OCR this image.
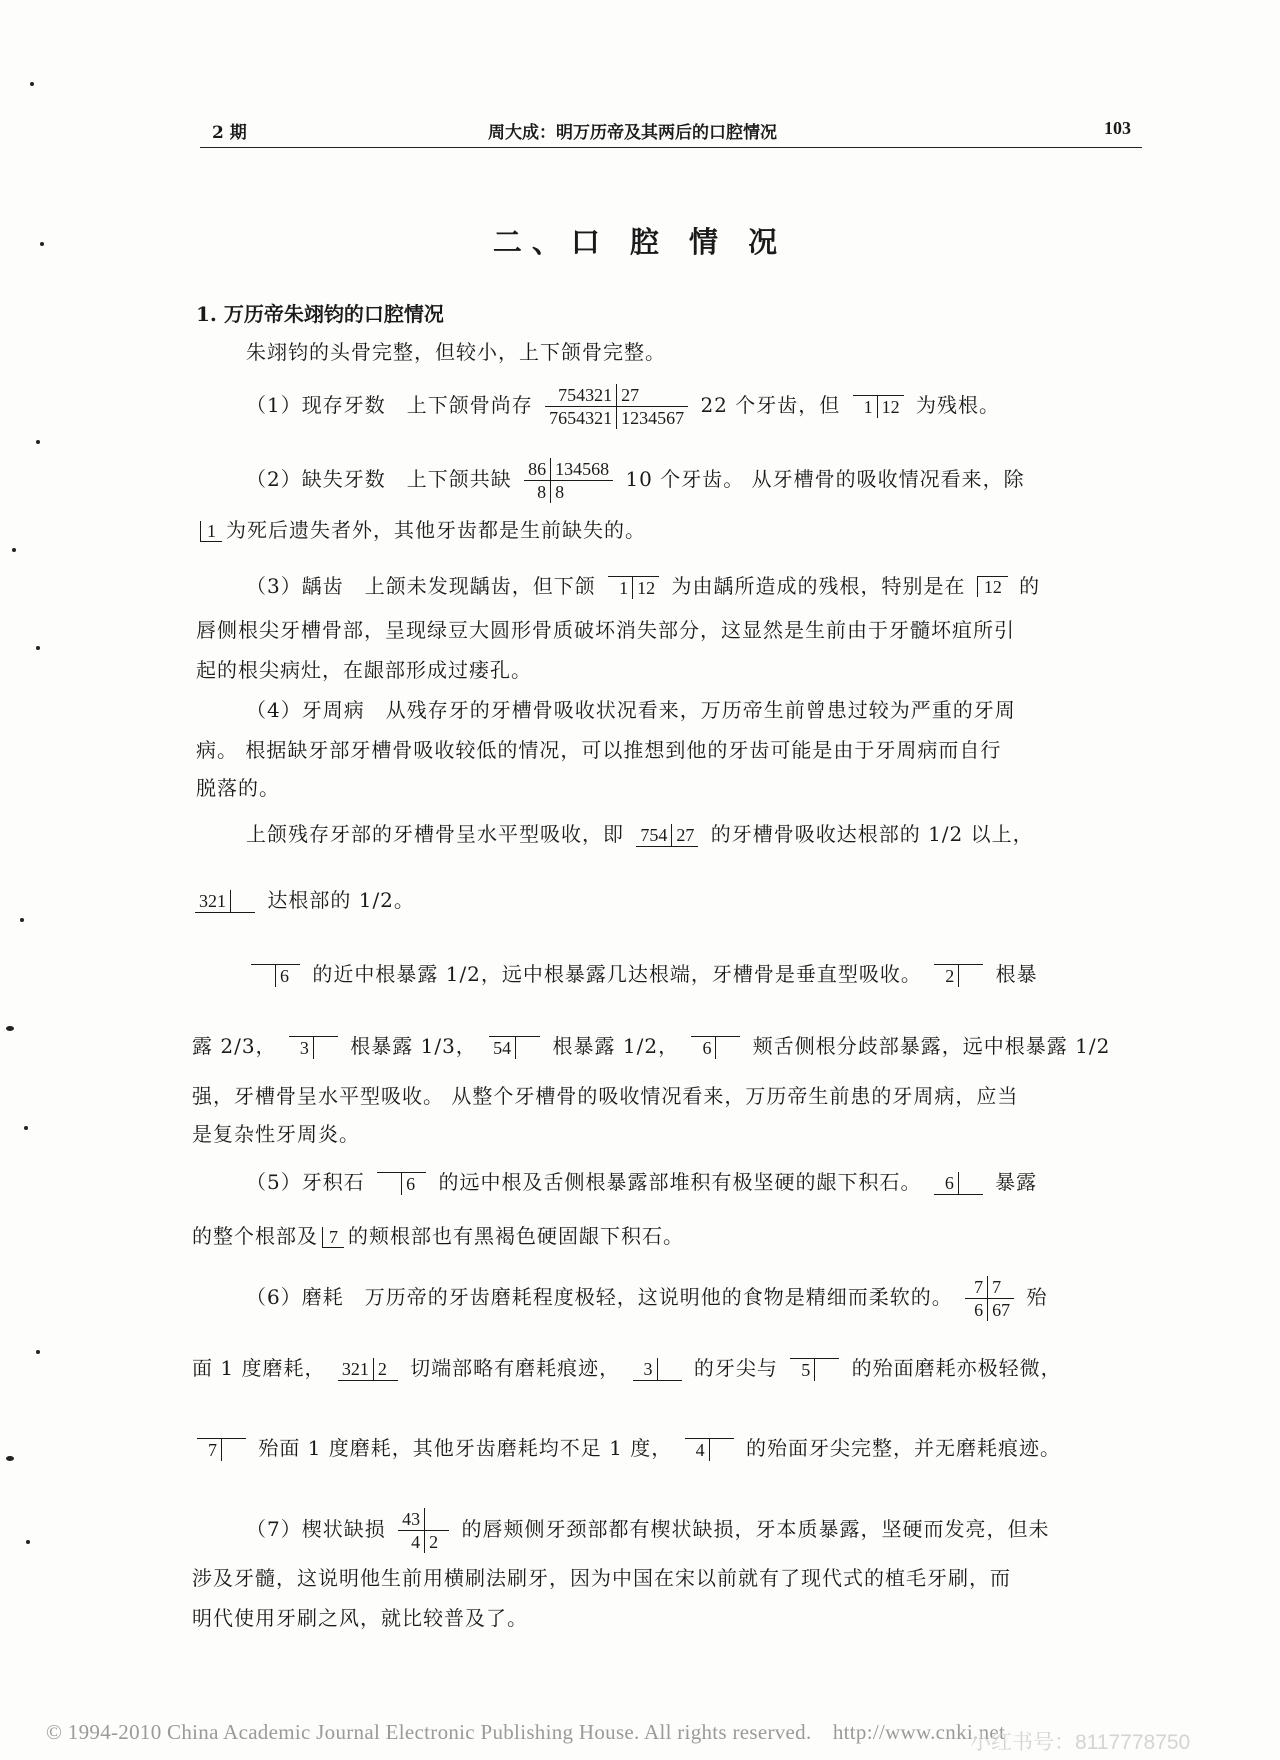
2 期	周大成：明万历帝及其两后的口腔情况	103
二、口 腔 情 况
1. 万历帝朱翊钧的口腔情况
朱翊钧的头骨完整，但较小，上下颌骨完整。
（1）现存牙数　上下颌骨尚存	754321 27
7654321 1234567
22 个牙齿，但	1 12 为残根。
（2）缺失牙数　上下颌共缺 86 134568
8 8
10 个牙齿。 从牙槽骨的吸收情况看来，除
1 为死后遗失者外，其他牙齿都是生前缺失的。
（3）龋齿　上颌未发现龋齿，但下颌	1 12 为由龋所造成的残根，特别是在 12 的
唇侧根尖牙槽骨部，呈现绿豆大圆形骨质破坏消失部分，这显然是生前由于牙髓坏疽所引
起的根尖病灶，在龈部形成过瘘孔。
（4）牙周病　从残存牙的牙槽骨吸收状况看来，万历帝生前曾患过较为严重的牙周
病。 根据缺牙部牙槽骨吸收较低的情况，可以推想到他的牙齿可能是由于牙周病而自行
脱落的。
上颌残存牙部的牙槽骨呈水平型吸收，即 754 27 的牙槽骨吸收达根部的 1/2 以上，
321 达根部的 1/2。
6	的近中根暴露 1/2，远中根暴露几达根端，牙槽骨是垂直型吸收。	2 根暴
露 2/3，	3 根暴露 1/3， 54 根暴露 1/2，	6 颊舌侧根分歧部暴露，远中根暴露 1/2
强，牙槽骨呈水平型吸收。 从整个牙槽骨的吸收情况看来，万历帝生前患的牙周病，应当
是复杂性牙周炎。
（5）牙积石 6	的远中根及舌侧根暴露部堆积有极坚硬的龈下积石。	6 暴露
的整个根部及 7 的颊根部也有黑褐色硬固龈下积石。
（6）磨耗　万历帝的牙齿磨耗程度极轻，这说明他的食物是精细而柔软的。	7 7
6 67
殆
面 1 度磨耗， 321 2	切端部略有磨耗痕迹，	3 的牙尖与	5 的殆面磨耗亦极轻微，
7 殆面 1 度磨耗，其他牙齿磨耗均不足 1 度，	4 的殆面牙尖完整，并无磨耗痕迹。
（7）楔状缺损 43
4 2
的唇颊侧牙颈部都有楔状缺损，牙本质暴露，坚硬而发亮，但未
涉及牙髓，这说明他生前用横刷法刷牙，因为中国在宋以前就有了现代式的植毛牙刷，而
明代使用牙刷之风，就比较普及了。
© 1994-2010 China Academic Journal Electronic Publishing House. All rights reserved.　http://www.cnki.net
小红书号：8117778750
